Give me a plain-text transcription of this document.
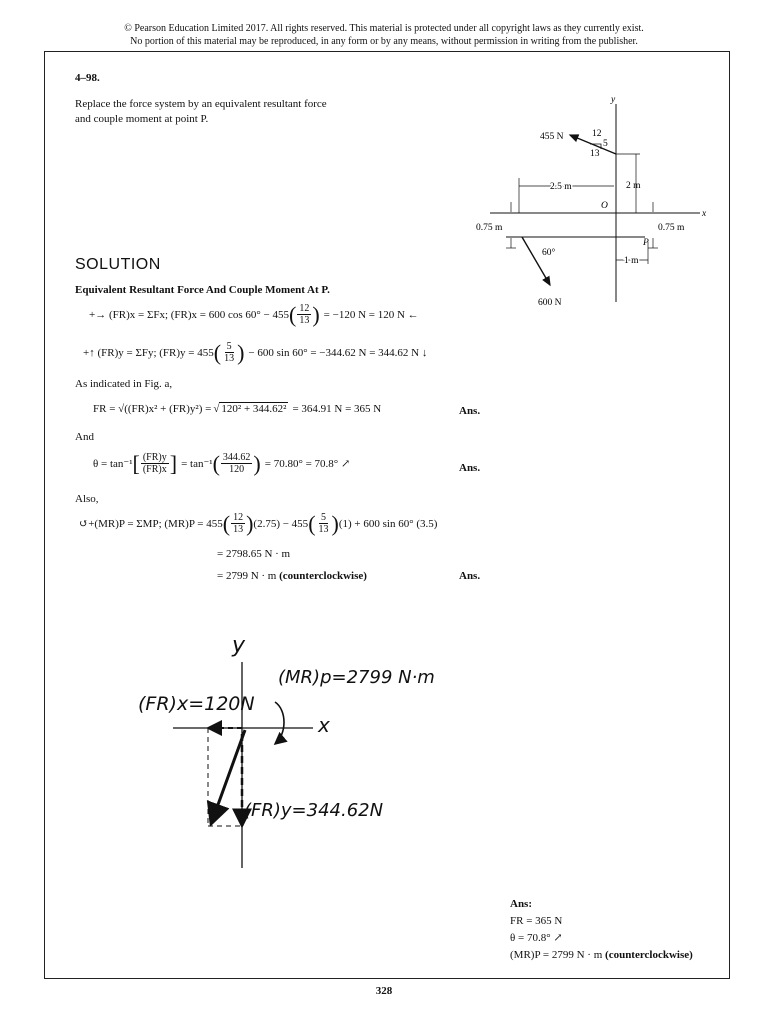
© Pearson Education Limited 2017. All rights reserved. This material is protected under all copyright laws as they currently exist.
No portion of this material may be reproduced, in any form or by any means, without permission in writing from the publisher.
4–98.
Replace the force system by an equivalent resultant force
and couple moment at point P.
y
x
455 N	12
5
13
2 m
2.5 m
O
0.75 m	0.75 m
P
60°
600 N
1 m
SOLUTION
Equivalent Resultant Force And Couple Moment At P.
+→ (FR)x = ΣFx; (FR)x = 600 cos 60° − 455 ( $\frac{12}{13}$ ) = −120 N = 120 N ←
+↑ (FR)y = ΣFy; (FR)y = 455 ( $\frac{5}{13}$ ) − 600 sin 60° = −344.62 N = 344.62 N ↓
As indicated in Fig. a,
FR = √((FR)x² + (FR)y²) = √ 120² + 344.62² = 364.91 N = 365 N	Ans.
And
θ = tan⁻¹ [ $\frac{(FR)y}{(FR)x}$ ] = tan⁻¹ ( $\frac{344.62}{120}$ ) = 70.80° = 70.8° ↗	Ans.
Also,
↺+(MR)P = ΣMP; (MR)P = 455 ( $\frac{12}{13}$ ) (2.75) − 455 ( $\frac{5}{13}$ ) (1) + 600 sin 60° (3.5)
= 2798.65 N · m
= 2799 N · m (counterclockwise)	Ans.
y
x
(FR)x=120N
(FR)y=344.62N
(MR)p=2799 N·m
Ans:
FR = 365 N
θ = 70.8° ↗
(MR)P = 2799 N · m (counterclockwise)
328
